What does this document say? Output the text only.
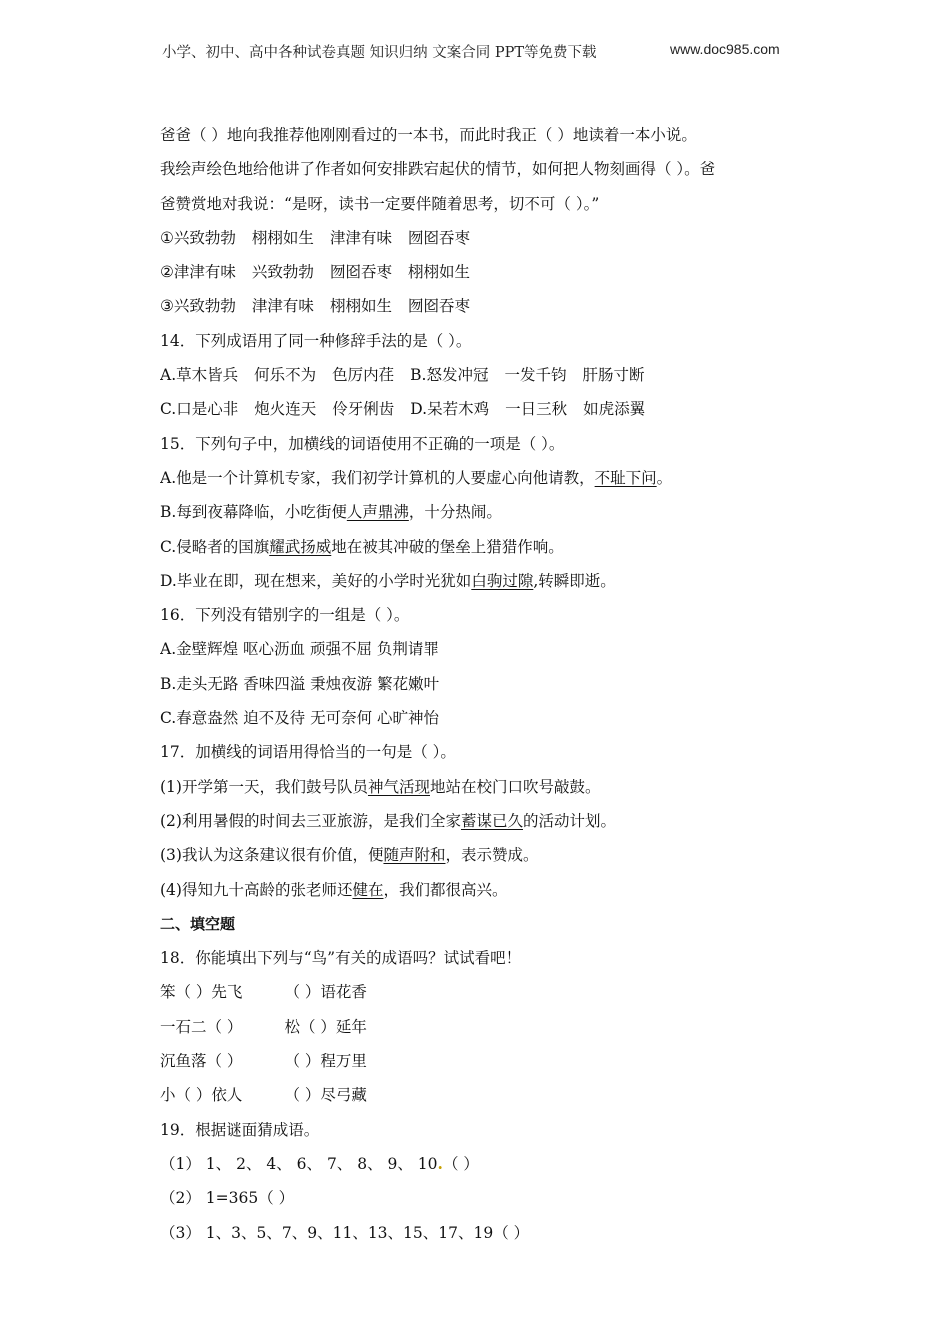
小学、初中、高中各种试卷真题 知识归纳 文案合同 PPT等免费下载	www.doc985.com
爸爸（ ）地向我推荐他刚刚看过的一本书，而此时我正（ ）地读着一本小说。
我绘声绘色地给他讲了作者如何安排跌宕起伏的情节，如何把人物刻画得（ ）。爸
爸赞赏地对我说：“是呀，读书一定要伴随着思考，切不可（ ）。”
①兴致勃勃 栩栩如生 津津有味 囫囵吞枣
②津津有味 兴致勃勃 囫囵吞枣 栩栩如生
③兴致勃勃 津津有味 栩栩如生 囫囵吞枣
14．下列成语用了同一种修辞手法的是（ ）。
A.草木皆兵 何乐不为 色厉内荏 B.怒发冲冠 一发千钧 肝肠寸断
C.口是心非 炮火连天 伶牙俐齿 D.呆若木鸡 一日三秋 如虎添翼
15．下列句子中，加横线的词语使用不正确的一项是（ ）。
A.他是一个计算机专家，我们初学计算机的人要虚心向他请教，不耻下问。
B.每到夜幕降临，小吃街便人声鼎沸，十分热闹。
C.侵略者的国旗耀武扬威地在被其冲破的堡垒上猎猎作响。
D.毕业在即，现在想来，美好的小学时光犹如白驹过隙,转瞬即逝。
16．下列没有错别字的一组是（ ）。
A.金壁辉煌 呕心沥血 顽强不屈 负荆请罪
B.走头无路 香味四溢 秉烛夜游 繁花嫩叶
C.春意盎然 迫不及待 无可奈何 心旷神怡
17．加横线的词语用得恰当的一句是（ ）。
(1)开学第一天，我们鼓号队员神气活现地站在校门口吹号敲鼓。
(2)利用暑假的时间去三亚旅游，是我们全家蓄谋已久的活动计划。
(3)我认为这条建议很有价值，便随声附和，表示赞成。
(4)得知九十高龄的张老师还健在，我们都很高兴。
二、填空题
18．你能填出下列与“鸟”有关的成语吗？试试看吧！
笨（ ）先飞	（ ）语花香
一石二（ ）	松（ ）延年
沉鱼落（ ）	（ ）程万里
小（ ）依人	（ ）尽弓藏
19．根据谜面猜成语。
（1） 1、 2、 4、 6、 7、 8、 9、 10.（ ）
（2） 1=365（ ）
（3） 1、3、5、7、9、11、13、15、17、19（ ）
